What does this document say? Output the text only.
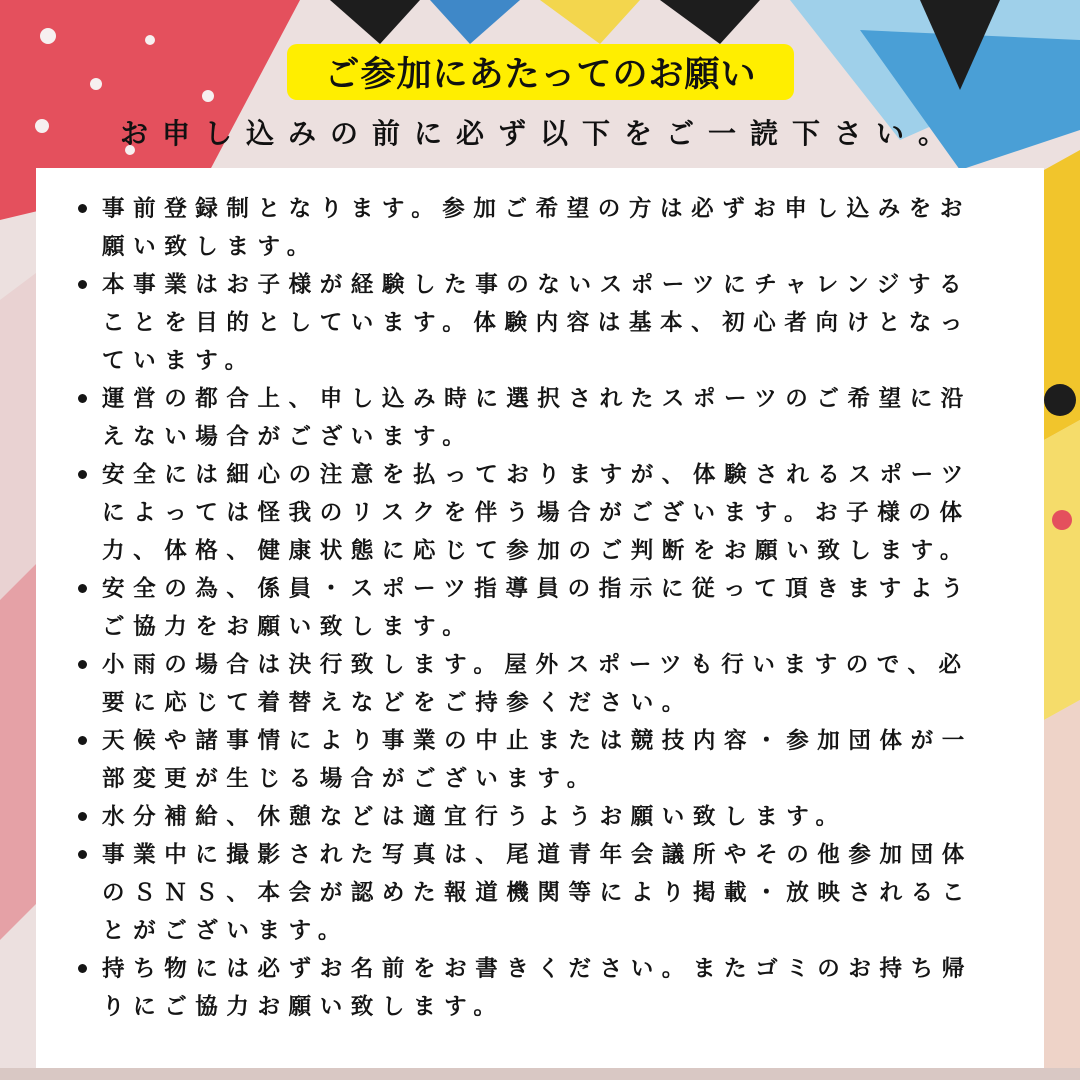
ご参加にあたってのお願い
お申し込みの前に必ず以下をご一読下さい。
事前登録制となります。参加ご希望の方は必ずお申し込みをお願い致します。
本事業はお子様が経験した事のないスポーツにチャレンジすることを目的としています。体験内容は基本、初心者向けとなっています。
運営の都合上、申し込み時に選択されたスポーツのご希望に沿えない場合がございます。
安全には細心の注意を払っておりますが、体験されるスポーツによっては怪我のリスクを伴う場合がございます。お子様の体力、体格、健康状態に応じて参加のご判断をお願い致します。
安全の為、係員・スポーツ指導員の指示に従って頂きますようご協力をお願い致します。
小雨の場合は決行致します。屋外スポーツも行いますので、必要に応じて着替えなどをご持参ください。
天候や諸事情により事業の中止または競技内容・参加団体が一部変更が生じる場合がございます。
水分補給、休憩などは適宜行うようお願い致します。
事業中に撮影された写真は、尾道青年会議所やその他参加団体のＳＮＳ、本会が認めた報道機関等により掲載・放映されることがございます。
持ち物には必ずお名前をお書きください。またゴミのお持ち帰りにご協力お願い致します。
